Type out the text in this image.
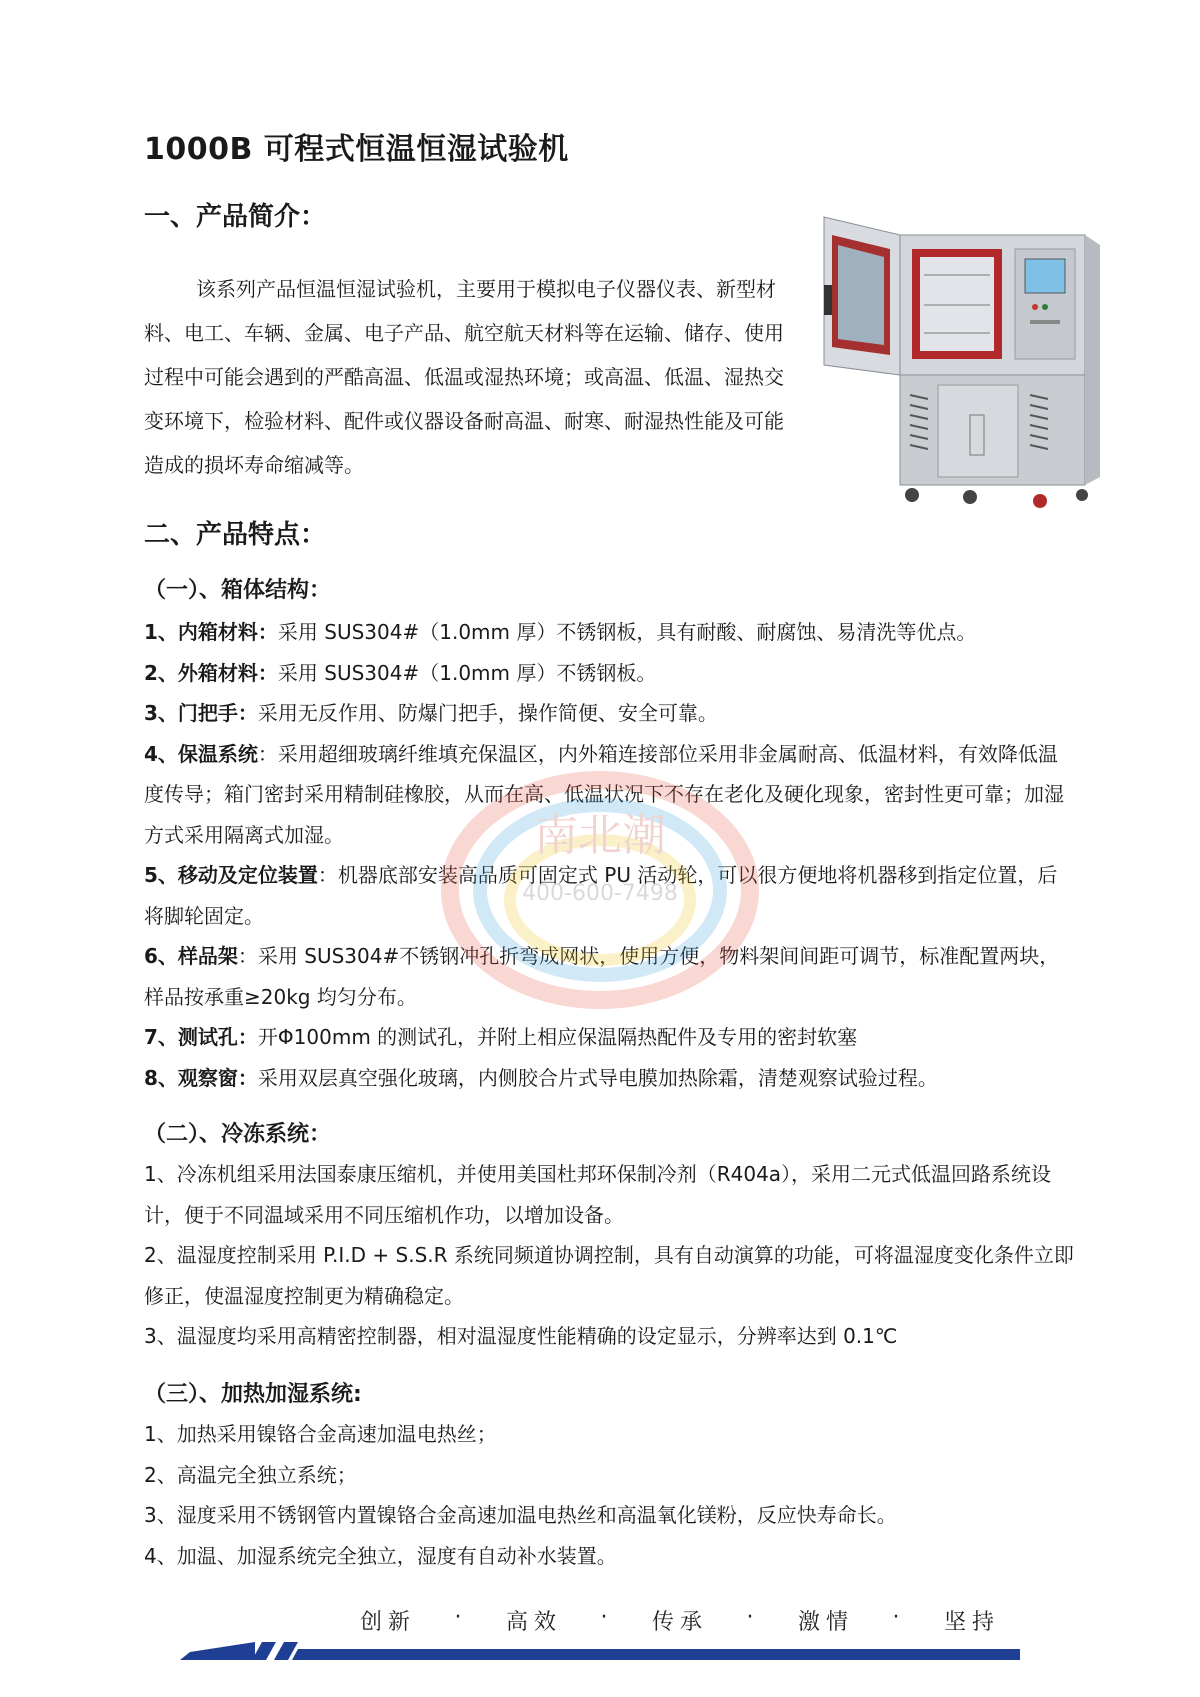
1000B 可程式恒温恒湿试验机
一、产品简介：

该系列产品恒温恒湿试验机，主要用于模拟电子仪器仪表、新型材料、电工、车辆、金属、电子产品、航空航天材料等在运输、储存、使用过程中可能会遇到的严酷高温、低温或湿热环境；或高温、低温、湿热交变环境下，检验材料、配件或仪器设备耐高温、耐寒、耐湿热性能及可能造成的损坏寿命缩减等。

二、产品特点：
（一）、箱体结构：
1、内箱材料：采用 SUS304#（1.0mm 厚）不锈钢板，具有耐酸、耐腐蚀、易清洗等优点。
2、外箱材料：采用 SUS304#（1.0mm 厚）不锈钢板。
3、门把手：采用无反作用、防爆门把手，操作简便、安全可靠。
4、保温系统：采用超细玻璃纤维填充保温区，内外箱连接部位采用非金属耐高、低温材料，有效降低温度传导；箱门密封采用精制硅橡胶，从而在高、低温状况下不存在老化及硬化现象，密封性更可靠；加湿方式采用隔离式加湿。
5、移动及定位装置：机器底部安装高品质可固定式 PU 活动轮，可以很方便地将机器移到指定位置，后将脚轮固定。
6、样品架：采用 SUS304#不锈钢冲孔折弯成网状，使用方便，物料架间间距可调节，标准配置两块，样品按承重≥20kg 均匀分布。
7、测试孔：开Φ100mm 的测试孔，并附上相应保温隔热配件及专用的密封软塞
8、观察窗：采用双层真空强化玻璃，内侧胶合片式导电膜加热除霜，清楚观察试验过程。
（二）、冷冻系统：
1、冷冻机组采用法国泰康压缩机，并使用美国杜邦环保制冷剂（R404a），采用二元式低温回路系统设计，便于不同温域采用不同压缩机作功，以增加设备。
2、温湿度控制采用 P.I.D + S.S.R 系统同频道协调控制，具有自动演算的功能，可将温湿度变化条件立即修正，使温湿度控制更为精确稳定。
3、温湿度均采用高精密控制器，相对温湿度性能精确的设定显示，分辨率达到 0.1℃
（三）、加热加湿系统:
1、加热采用镍铬合金高速加温电热丝；
2、高温完全独立系统；
3、湿度采用不锈钢管内置镍铬合金高速加温电热丝和高温氧化镁粉，反应快寿命长。
4、加温、加湿系统完全独立，湿度有自动补水装置。
南北潮
400-600-7498
创新 · 高效 · 传承 · 激情 · 坚持
